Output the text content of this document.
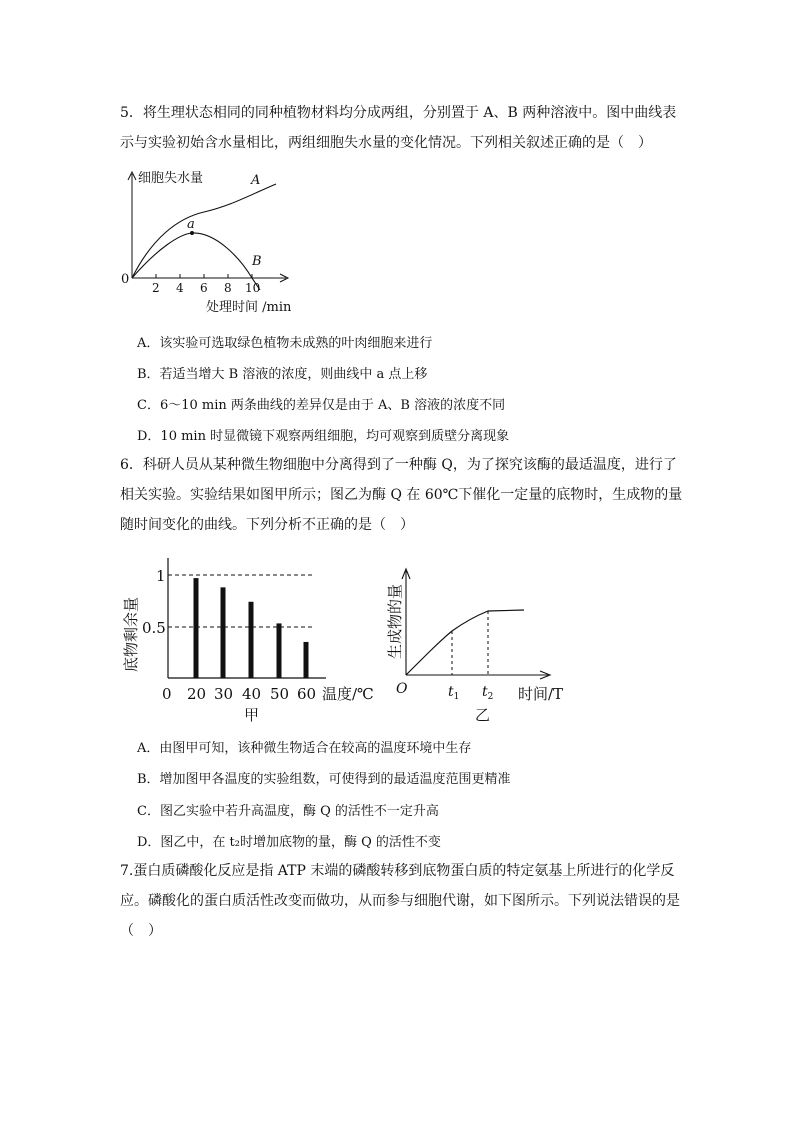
5．将生理状态相同的同种植物材料均分成两组，分别置于 A、B 两种溶液中。图中曲线表
示与实验初始含水量相比，两组细胞失水量的变化情况。下列相关叙述正确的是（　）
细胞失水量	A
B
a
0
2 4 6 8 10
处理时间 /min
A．该实验可选取绿色植物未成熟的叶肉细胞来进行
B．若适当增大 B 溶液的浓度，则曲线中 a 点上移
C．6～10 min 两条曲线的差异仅是由于 A、B 溶液的浓度不同
D．10 min 时显微镜下观察两组细胞，均可观察到质壁分离现象
6．科研人员从某种微生物细胞中分离得到了一种酶 Q，为了探究该酶的最适温度，进行了
相关实验。实验结果如图甲所示；图乙为酶 Q 在 60℃下催化一定量的底物时，生成物的量
随时间变化的曲线。下列分析不正确的是（　）
1
0.5
0 20 30 40 50 60 温度/℃
甲
底物剩余量	生成物的量
O	$t_1$ $t_2$ 时间/T
乙
A．由图甲可知，该种微生物适合在较高的温度环境中生存
B．增加图甲各温度的实验组数，可使得到的最适温度范围更精准
C．图乙实验中若升高温度，酶 Q 的活性不一定升高
D．图乙中，在 t₂时增加底物的量，酶 Q 的活性不变
7.蛋白质磷酸化反应是指 ATP 末端的磷酸转移到底物蛋白质的特定氨基上所进行的化学反
应。磷酸化的蛋白质活性改变而做功，从而参与细胞代谢，如下图所示。下列说法错误的是
（　）
